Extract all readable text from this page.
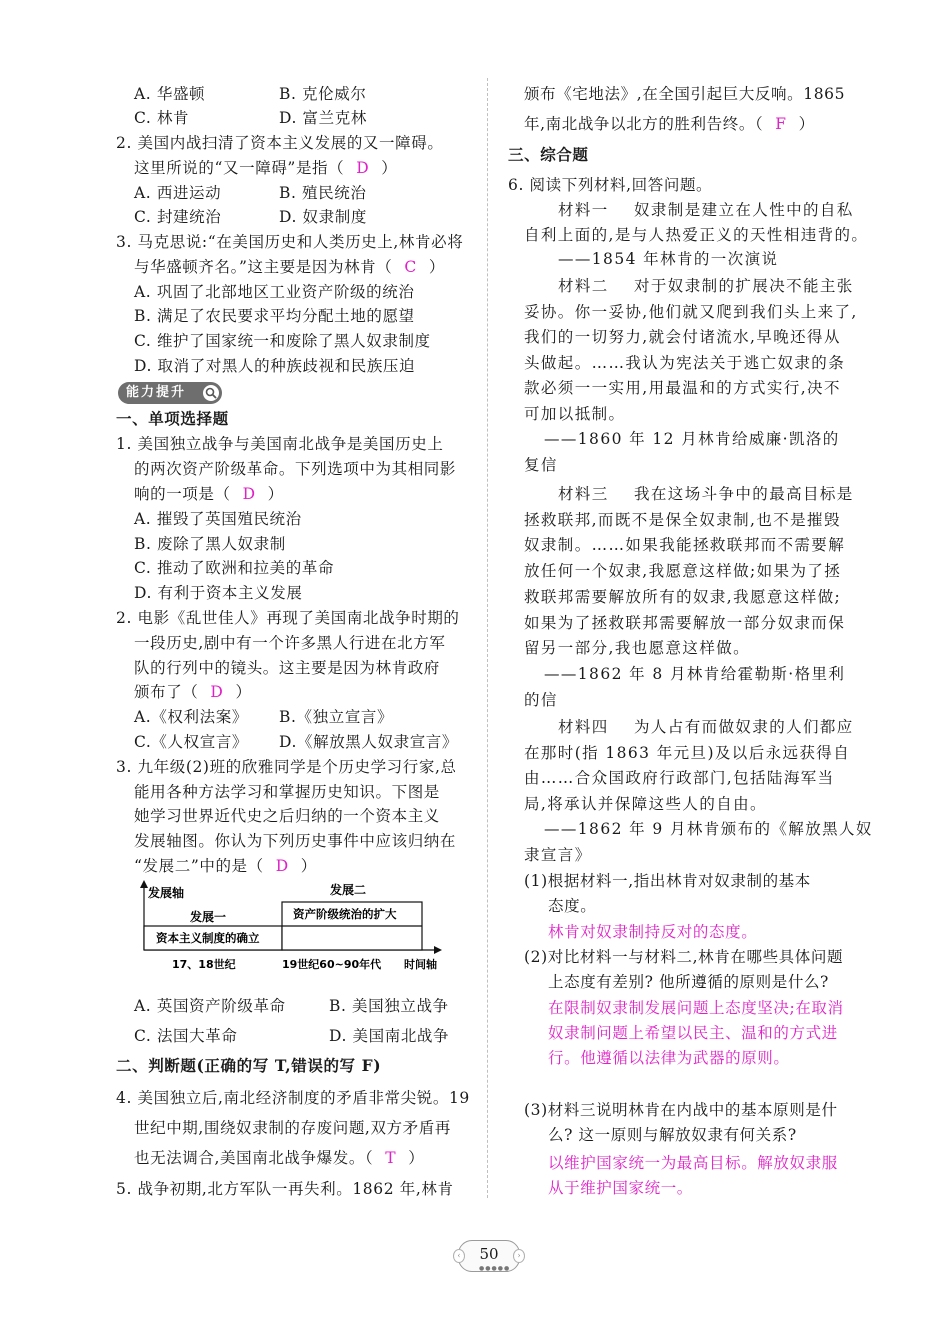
A. 华盛顿	B. 克伦威尔
C. 林肯	D. 富兰克林
2. 美国内战扫清了资本主义发展的又一障碍。
这里所说的“又一障碍”是指（ D ）
A. 西进运动	B. 殖民统治
C. 封建统治	D. 奴隶制度
3. 马克思说:“在美国历史和人类历史上,林肯必将
与华盛顿齐名。”这主要是因为林肯（ C ）
A. 巩固了北部地区工业资产阶级的统治
B. 满足了农民要求平均分配土地的愿望
C. 维护了国家统一和废除了黑人奴隶制度
D. 取消了对黑人的种族歧视和民族压迫
能力提升
一、单项选择题
1. 美国独立战争与美国南北战争是美国历史上
的两次资产阶级革命。下列选项中为其相同影
响的一项是（ D ）
A. 摧毁了英国殖民统治
B. 废除了黑人奴隶制
C. 推动了欧洲和拉美的革命
D. 有利于资本主义发展
2. 电影《乱世佳人》再现了美国南北战争时期的
一段历史,剧中有一个许多黑人行进在北方军
队的行列中的镜头。这主要是因为林肯政府
颁布了（ D ）
A.《权利法案》 B.《独立宣言》
C.《人权宣言》 D.《解放黑人奴隶宣言》
3. 九年级(2)班的欣雅同学是个历史学习行家,总
能用各种方法学习和掌握历史知识。下图是
她学习世界近代史之后归纳的一个资本主义
发展轴图。你认为下列历史事件中应该归纳在
“发展二”中的是（ D ）
发展轴
发展一
发展二
资本主义制度的确立
资产阶级统治的扩大
17、18世纪	19世纪60~90年代 时间轴
A. 英国资产阶级革命	B. 美国独立战争
C. 法国大革命	D. 美国南北战争
二、判断题(正确的写 T,错误的写 F)
4. 美国独立后,南北经济制度的矛盾非常尖锐。19
世纪中期,围绕奴隶制的存废问题,双方矛盾再
也无法调合,美国南北战争爆发。（ T ）
5. 战争初期,北方军队一再失利。1862 年,林肯
颁布《宅地法》,在全国引起巨大反响。1865
年,南北战争以北方的胜利告终。（ F ）
三、综合题
6. 阅读下列材料,回答问题。
材料一    奴隶制是建立在人性中的自私
自利上面的,是与人热爱正义的天性相违背的。
——1854 年林肯的一次演说
材料二    对于奴隶制的扩展决不能主张
妥协。你一妥协,他们就又爬到我们头上来了,
我们的一切努力,就会付诸流水,早晚还得从
头做起。……我认为宪法关于逃亡奴隶的条
款必须一一实用,用最温和的方式实行,决不
可加以抵制。
——1860 年 12 月林肯给威廉·凯洛的
复信
材料三    我在这场斗争中的最高目标是
拯救联邦,而既不是保全奴隶制,也不是摧毁
奴隶制。……如果我能拯救联邦而不需要解
放任何一个奴隶,我愿意这样做;如果为了拯
救联邦需要解放所有的奴隶,我愿意这样做;
如果为了拯救联邦需要解放一部分奴隶而保
留另一部分,我也愿意这样做。
——1862 年 8 月林肯给霍勒斯·格里利
的信
材料四    为人占有而做奴隶的人们都应
在那时(指 1863 年元旦)及以后永远获得自
由……合众国政府行政部门,包括陆海军当
局,将承认并保障这些人的自由。
——1862 年 9 月林肯颁布的《解放黑人奴
隶宣言》
(1)根据材料一,指出林肯对奴隶制的基本
态度。
林肯对奴隶制持反对的态度。
(2)对比材料一与材料二,林肯在哪些具体问题
上态度有差别? 他所遵循的原则是什么?
在限制奴隶制发展问题上态度坚决;在取消
奴隶制问题上希望以民主、温和的方式进
行。他遵循以法律为武器的原则。
(3)材料三说明林肯在内战中的基本原则是什
么? 这一原则与解放奴隶有何关系?
以维护国家统一为最高目标。解放奴隶服
从于维护国家统一。
‹	50	›
●●●●●
